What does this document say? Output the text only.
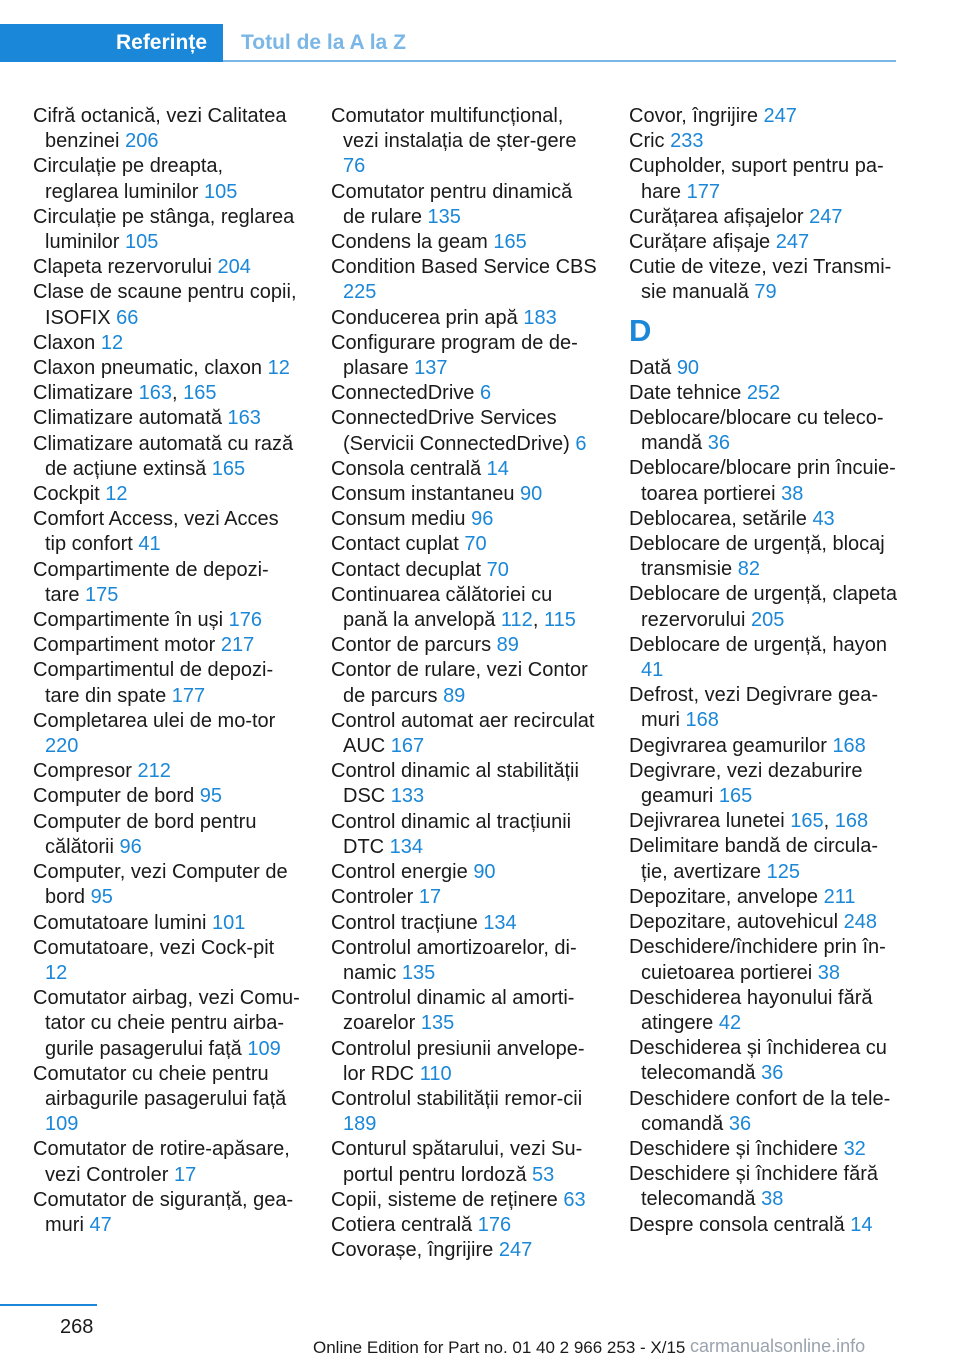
Referințe	Totul de la A la Z

Cifră octanică, vezi Calitatea benzinei 206

Circulație pe dreapta, reglarea luminilor 105

Circulație pe stânga, reglarea luminilor 105

Clapeta rezervorului 204

Clase de scaune pentru copii, ISOFIX 66

Claxon 12

Claxon pneumatic, claxon 12

Climatizare 163, 165

Climatizare automată 163

Climatizare automată cu rază de acțiune extinsă 165

Cockpit 12

Comfort Access, vezi Acces tip confort 41

Compartimente de depozi-tare 175

Compartimente în uși 176

Compartiment motor 217

Compartimentul de depozi-tare din spate 177

Completarea ulei de mo-tor 220

Compresor 212

Computer de bord 95

Computer de bord pentru călătorii 96

Computer, vezi Computer de bord 95

Comutatoare lumini 101

Comutatoare, vezi Cock-pit 12

Comutator airbag, vezi Comu-tator cu cheie pentru airba-gurile pasagerului față 109

Comutator cu cheie pentru airbagurile pasagerului față 109

Comutator de rotire-apăsare, vezi Controler 17

Comutator de siguranță, gea-muri 47

Comutator multifuncțional, vezi instalația de șter-gere 76

Comutator pentru dinamică de rulare 135

Condens la geam 165

Condition Based Service CBS 225

Conducerea prin apă 183

Configurare program de de-plasare 137

ConnectedDrive 6

ConnectedDrive Services (Servicii ConnectedDrive) 6

Consola centrală 14

Consum instantaneu 90

Consum mediu 96

Contact cuplat 70

Contact decuplat 70

Continuarea călătoriei cu pană la anvelopă 112, 115

Contor de parcurs 89

Contor de rulare, vezi Contor de parcurs 89

Control automat aer recirculat AUC 167

Control dinamic al stabilității DSC 133

Control dinamic al tracțiunii DTC 134

Control energie 90

Controler 17

Control tracțiune 134

Controlul amortizoarelor, di-namic 135

Controlul dinamic al amorti-zoarelor 135

Controlul presiunii anvelope-lor RDC 110

Controlul stabilității remor-cii 189

Conturul spătarului, vezi Su-portul pentru lordoză 53

Copii, sisteme de reținere 63

Cotiera centrală 176

Covorașe, îngrijire 247

Covor, îngrijire 247

Cric 233

Cupholder, suport pentru pa-hare 177

Curățarea afișajelor 247

Curățare afișaje 247

Cutie de viteze, vezi Transmi-sie manuală 79

D

Dată 90

Date tehnice 252

Deblocare/blocare cu teleco-mandă 36

Deblocare/blocare prin încuie-toarea portierei 38

Deblocarea, setările 43

Deblocare de urgență, blocaj transmisie 82

Deblocare de urgență, clapeta rezervorului 205

Deblocare de urgență, hayon 41

Defrost, vezi Degivrare gea-muri 168

Degivrarea geamurilor 168

Degivrare, vezi dezaburire geamuri 165

Dejivrarea lunetei 165, 168

Delimitare bandă de circula-ție, avertizare 125

Depozitare, anvelope 211

Depozitare, autovehicul 248

Deschidere/închidere prin în-cuietoarea portierei 38

Deschiderea hayonului fără atingere 42

Deschiderea și închiderea cu telecomandă 36

Deschidere confort de la tele-comandă 36

Deschidere și închidere 32

Deschidere și închidere fără telecomandă 38

Despre consola centrală 14

268
Online Edition for Part no. 01 40 2 966 253 - X/15 carmanualsonline.info
